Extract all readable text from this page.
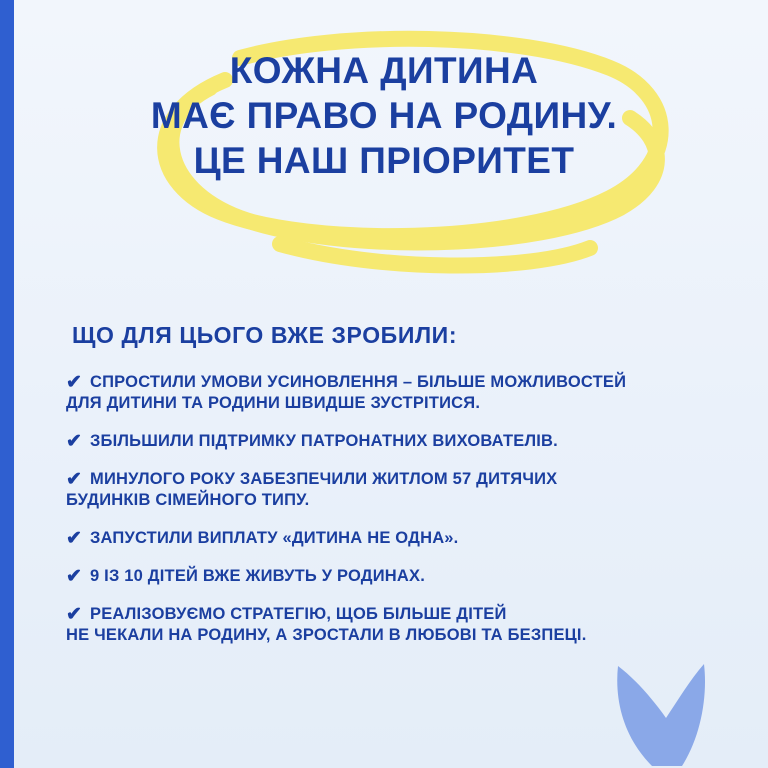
КОЖНА ДИТИНА
МАЄ ПРАВО НА РОДИНУ.
ЦЕ НАШ ПРІОРИТЕТ
ЩО ДЛЯ ЦЬОГО ВЖЕ ЗРОБИЛИ:
✔ СПРОСТИЛИ УМОВИ УСИНОВЛЕННЯ – БІЛЬШЕ МОЖЛИВОСТЕЙ
ДЛЯ ДИТИНИ ТА РОДИНИ ШВИДШЕ ЗУСТРІТИСЯ.
✔ ЗБІЛЬШИЛИ ПІДТРИМКУ ПАТРОНАТНИХ ВИХОВАТЕЛІВ.
✔ МИНУЛОГО РОКУ ЗАБЕЗПЕЧИЛИ ЖИТЛОМ 57 ДИТЯЧИХ
БУДИНКІВ СІМЕЙНОГО ТИПУ.
✔ ЗАПУСТИЛИ ВИПЛАТУ «ДИТИНА НЕ ОДНА».
✔ 9 ІЗ 10 ДІТЕЙ ВЖЕ ЖИВУТЬ У РОДИНАХ.
✔ РЕАЛІЗОВУЄМО СТРАТЕГІЮ, ЩОБ БІЛЬШЕ ДІТЕЙ
НЕ ЧЕКАЛИ НА РОДИНУ, А ЗРОСТАЛИ В ЛЮБОВІ ТА БЕЗПЕЦІ.
